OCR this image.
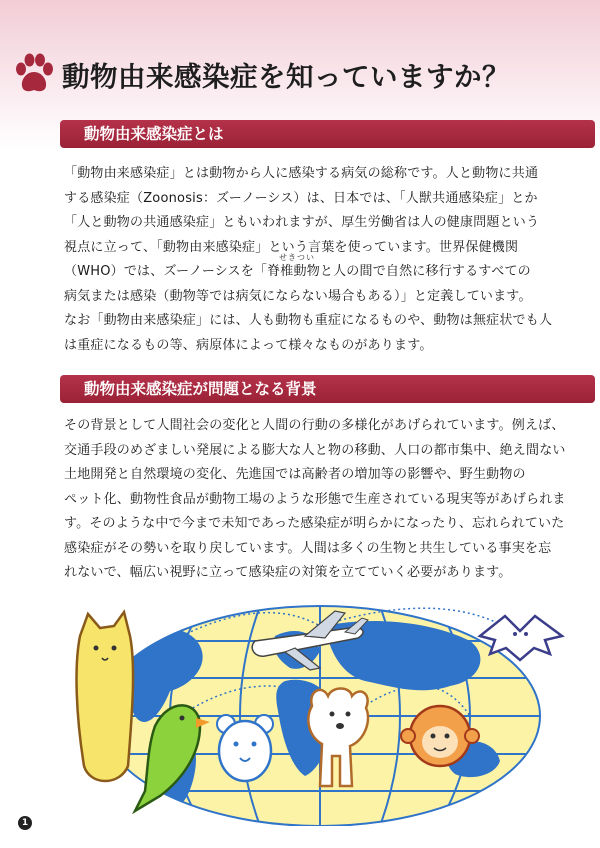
動物由来感染症を知っていますか？
動物由来感染症とは
せきつい

「動物由来感染症」とは動物から人に感染する病気の総称です。人と動物に共通

する感染症（Zoonosis：ズーノーシス）は、日本では、「人獣共通感染症」とか

「人と動物の共通感染症」ともいわれますが、厚生労働省は人の健康問題という

視点に立って、「動物由来感染症」という言葉を使っています。世界保健機関

（WHO）では、ズーノーシスを「脊椎動物と人の間で自然に移行するすべての

病気または感染（動物等では病気にならない場合もある）」と定義しています。

なお「動物由来感染症」には、人も動物も重症になるものや、動物は無症状でも人

は重症になるもの等、病原体によって様々なものがあります。

動物由来感染症が問題となる背景

その背景として人間社会の変化と人間の行動の多様化があげられています。例えば、

交通手段のめざましい発展による膨大な人と物の移動、人口の都市集中、絶え間ない

土地開発と自然環境の変化、先進国では高齢者の増加等の影響や、野生動物の

ペット化、動物性食品が動物工場のような形態で生産されている現実等があげられま

す。そのような中で今まで未知であった感染症が明らかになったり、忘れられていた

感染症がその勢いを取り戻しています。人間は多くの生物と共生している事実を忘

れないで、幅広い視野に立って感染症の対策を立てていく必要があります。

1
